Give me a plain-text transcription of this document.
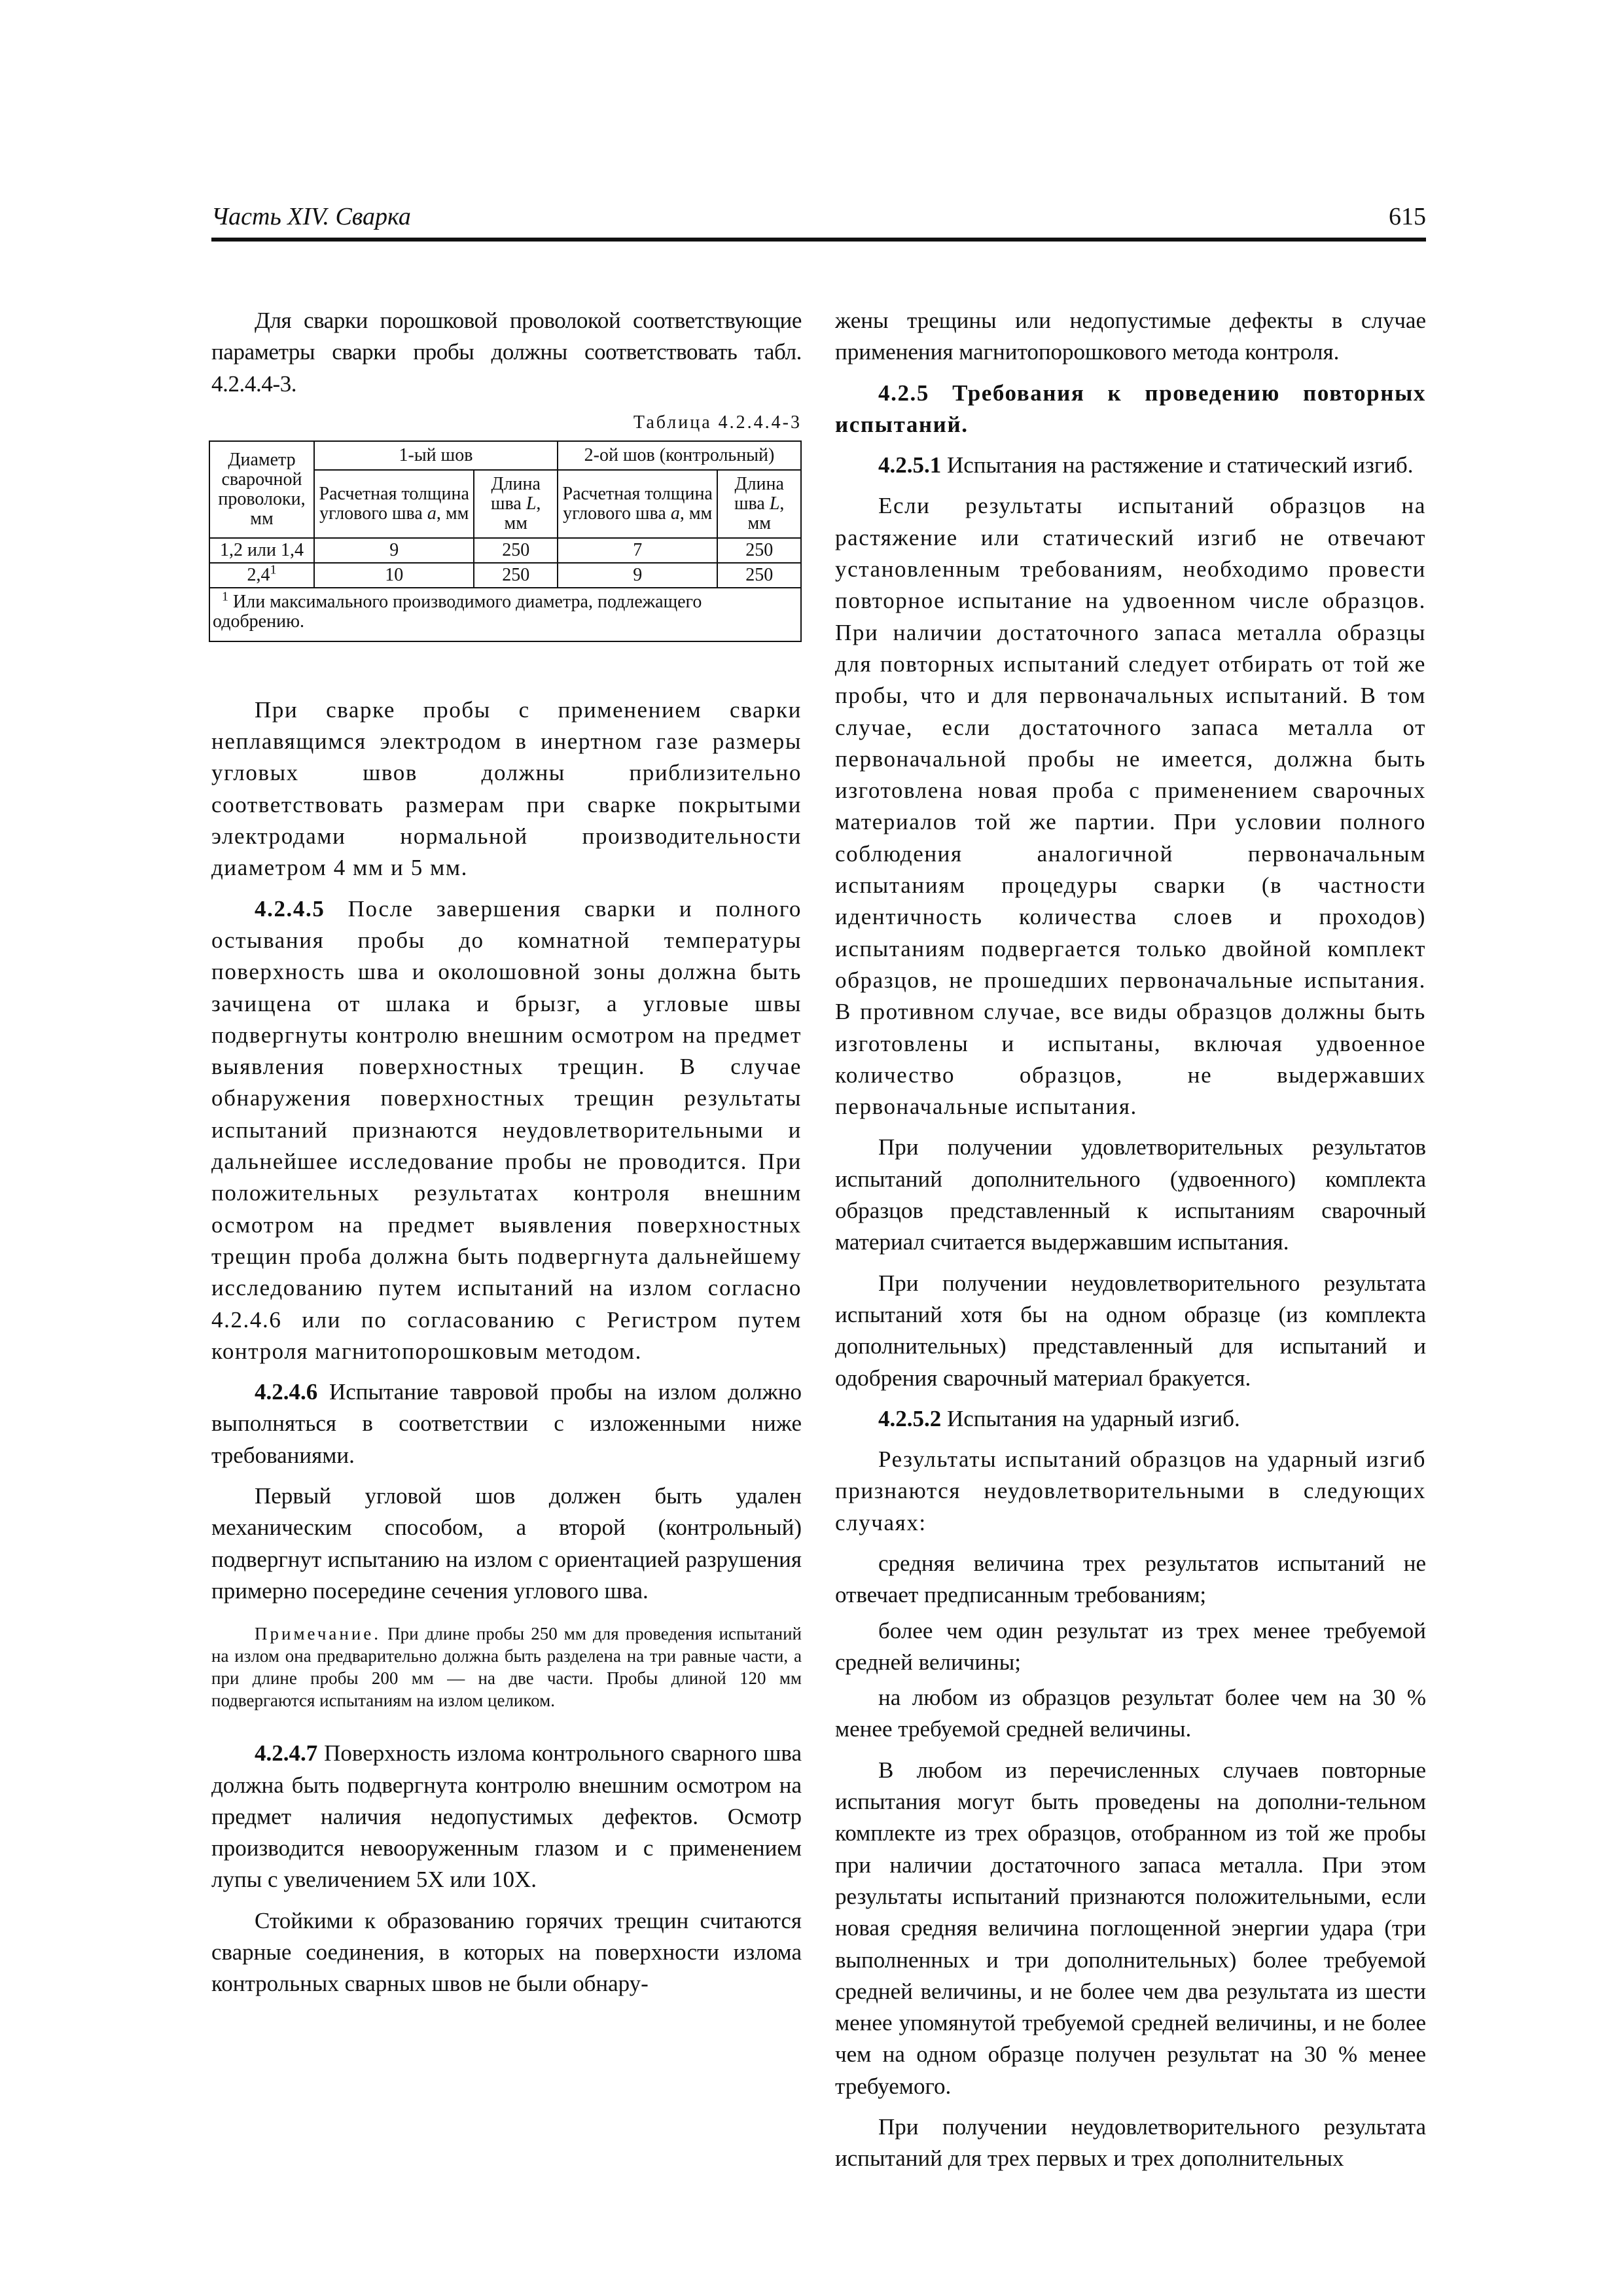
Часть XIV. Сварка	615

Для сварки порошковой проволокой соответствующие параметры сварки пробы должны соответствовать табл. 4.2.4.4-3.

Таблица 4.2.4.4-3
Диаметр сварочной проволоки, мм	1-ый шов		2-ой шов (контрольный)	
	Расчетная толщина углового шва a, мм	Длина шва L, мм	Расчетная толщина углового шва a, мм	Длина шва L, мм
1,2 или 1,4	9	250	7	250
$2,4^1$	10	250	9	250
$^1$ Или максимального производимого диаметра, подлежащего одобрению.				

При сварке пробы с применением сварки неплавящимся электродом в инертном газе размеры угловых швов должны приблизительно соответствовать размерам при сварке покрытыми электродами нормальной производительности диаметром 4 мм и 5 мм.

4.2.4.5 После завершения сварки и полного остывания пробы до комнатной температуры поверхность шва и околошовной зоны должна быть зачищена от шлака и брызг, а угловые швы подвергнуты контролю внешним осмотром на предмет выявления поверхностных трещин. В случае обнаружения поверхностных трещин результаты испытаний признаются неудовлетворительными и дальнейшее исследование пробы не проводится. При положительных результатах контроля внешним осмотром на предмет выявления поверхностных трещин проба должна быть подвергнута дальнейшему исследованию путем испытаний на излом согласно 4.2.4.6 или по согласованию с Регистром путем контроля магнитопорошковым методом.

4.2.4.6 Испытание тавровой пробы на излом должно выполняться в соответствии с изложенными ниже требованиями.

Первый угловой шов должен быть удален механическим способом, а второй (контрольный) подвергнут испытанию на излом с ориентацией разрушения примерно посередине сечения углового шва.

Примечание. При длине пробы 250 мм для проведения испытаний на излом она предварительно должна быть разделена на три равные части, а при длине пробы 200 мм — на две части. Пробы длиной 120 мм подвергаются испытаниям на излом целиком.

4.2.4.7 Поверхность излома контрольного сварного шва должна быть подвергнута контролю внешним осмотром на предмет наличия недопустимых дефектов. Осмотр производится невооруженным глазом и с применением лупы с увеличением 5X или 10X.

Стойкими к образованию горячих трещин считаются сварные соединения, в которых на поверхности излома контрольных сварных швов не были обнару-

жены трещины или недопустимые дефекты в случае применения магнитопорошкового метода контроля.

4.2.5 Требования к проведению повторных испытаний.

4.2.5.1 Испытания на растяжение и статический изгиб.

Если результаты испытаний образцов на растяжение или статический изгиб не отвечают установленным требованиям, необходимо провести повторное испытание на удвоенном числе образцов. При наличии достаточного запаса металла образцы для повторных испытаний следует отбирать от той же пробы, что и для первоначальных испытаний. В том случае, если достаточного запаса металла от первоначальной пробы не имеется, должна быть изготовлена новая проба с применением сварочных материалов той же партии. При условии полного соблюдения аналогичной первоначальным испытаниям процедуры сварки (в частности идентичность количества слоев и проходов) испытаниям подвергается только двойной комплект образцов, не прошедших первоначальные испытания. В противном случае, все виды образцов должны быть изготовлены и испытаны, включая удвоенное количество образцов, не выдержавших первоначальные испытания.

При получении удовлетворительных результатов испытаний дополнительного (удвоенного) комплекта образцов представленный к испытаниям сварочный материал считается выдержавшим испытания.

При получении неудовлетворительного результата испытаний хотя бы на одном образце (из комплекта дополнительных) представленный для испытаний и одобрения сварочный материал бракуется.

4.2.5.2 Испытания на ударный изгиб.

Результаты испытаний образцов на ударный изгиб признаются неудовлетворительными в следующих случаях:

средняя величина трех результатов испытаний не отвечает предписанным требованиям;
более чем один результат из трех менее требуемой средней величины;
на любом из образцов результат более чем на 30 % менее требуемой средней величины.

В любом из перечисленных случаев повторные испытания могут быть проведены на дополни-тельном комплекте из трех образцов, отобранном из той же пробы при наличии достаточного запаса металла. При этом результаты испытаний признаются положительными, если новая средняя величина поглощенной энергии удара (три выполненных и три дополнительных) более требуемой средней величины, и не более чем два результата из шести менее упомянутой требуемой средней величины, и не более чем на одном образце получен результат на 30 % менее требуемого.

При получении неудовлетворительного результата испытаний для трех первых и трех дополнительных
